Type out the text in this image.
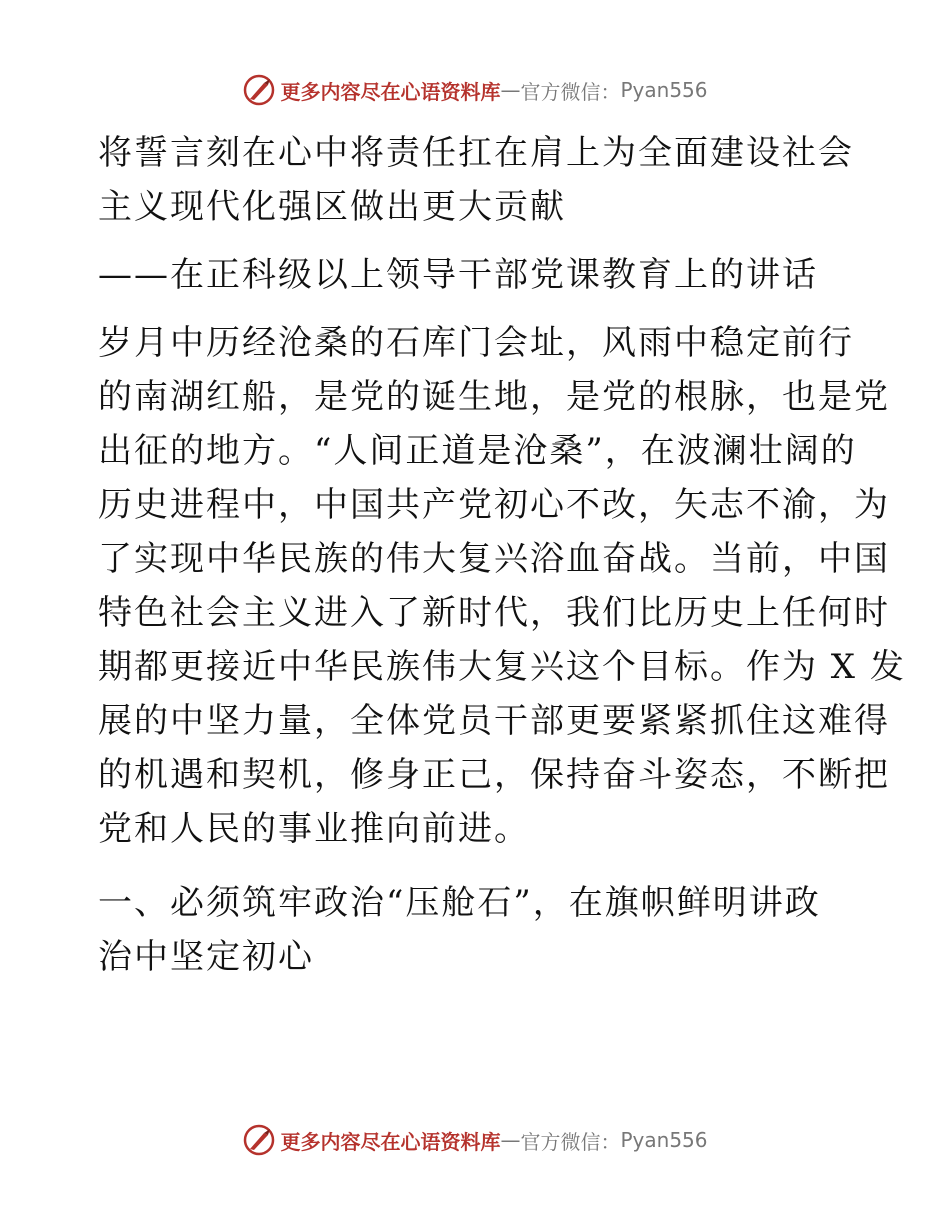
更多内容尽在心语资料库 — 官方微信： Pyan556
将誓言刻在心中将责任扛在肩上为全面建设社会
主义现代化强区做出更大贡献
——在正科级以上领导干部党课教育上的讲话
岁月中历经沧桑的石库门会址，风雨中稳定前行
的南湖红船，是党的诞生地，是党的根脉，也是党
出征的地方。“人间正道是沧桑”，在波澜壮阔的
历史进程中，中国共产党初心不改，矢志不渝，为
了实现中华民族的伟大复兴浴血奋战。当前，中国
特色社会主义进入了新时代，我们比历史上任何时
期都更接近中华民族伟大复兴这个目标。作为 X 发
展的中坚力量，全体党员干部更要紧紧抓住这难得
的机遇和契机，修身正己，保持奋斗姿态，不断把
党和人民的事业推向前进。
一、必须筑牢政治“压舱石”，在旗帜鲜明讲政
治中坚定初心
更多内容尽在心语资料库 — 官方微信： Pyan556
